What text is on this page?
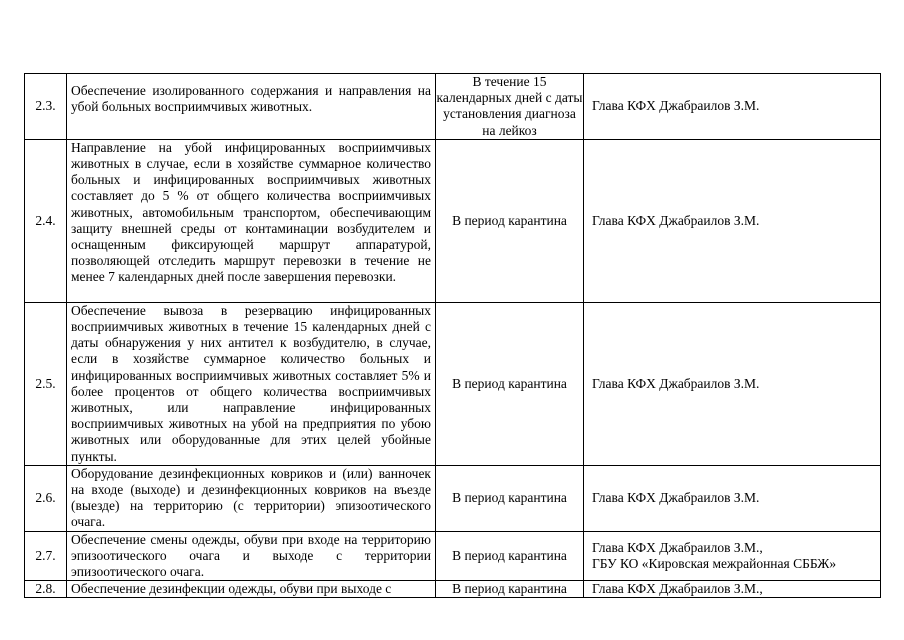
2.3.	Обеспечение изолированного содержания и направления на убой больных восприимчивых животных.	В течение 15 календарных дней с даты установления диагноза на лейкоз	Глава КФХ Джабраилов З.М.

2.4.	Направление на убой инфицированных восприимчивых животных в случае, если в хозяйстве суммарное количество больных и инфицированных восприимчивых животных составляет до 5 % от общего количества восприимчивых животных, автомобильным транспортом, обеспечивающим защиту внешней среды от контаминации возбудителем и оснащенным фиксирующей маршрут аппаратурой, позволяющей отследить маршрут перевозки в течение не менее 7 календарных дней после завершения перевозки.	В период карантина	Глава КФХ Джабраилов З.М.

2.5.	Обеспечение вывоза в резервацию инфицированных восприимчивых животных в течение 15 календарных дней с даты обнаружения у них антител к возбудителю, в случае, если в хозяйстве суммарное количество больных и инфицированных восприимчивых животных составляет 5% и более процентов от общего количества восприимчивых животных, или направление инфицированных восприимчивых животных на убой на предприятия по убою животных или оборудованные для этих целей убойные пункты.	В период карантина	Глава КФХ Джабраилов З.М.

2.6.	Оборудование дезинфекционных ковриков и (или) ванночек на входе (выходе) и дезинфекционных ковриков на въезде (выезде) на территорию (с территории) эпизоотического очага.	В период карантина	Глава КФХ Джабраилов З.М.

2.7.	Обеспечение смены одежды, обуви при входе на территорию эпизоотического очага и выходе с территории эпизоотического очага.	В период карантина	Глава КФХ Джабраилов З.М.,
ГБУ КО «Кировская межрайонная СББЖ»

2.8.	Обеспечение дезинфекции одежды, обуви при выходе с	В период карантина	Глава КФХ Джабраилов З.М.,
